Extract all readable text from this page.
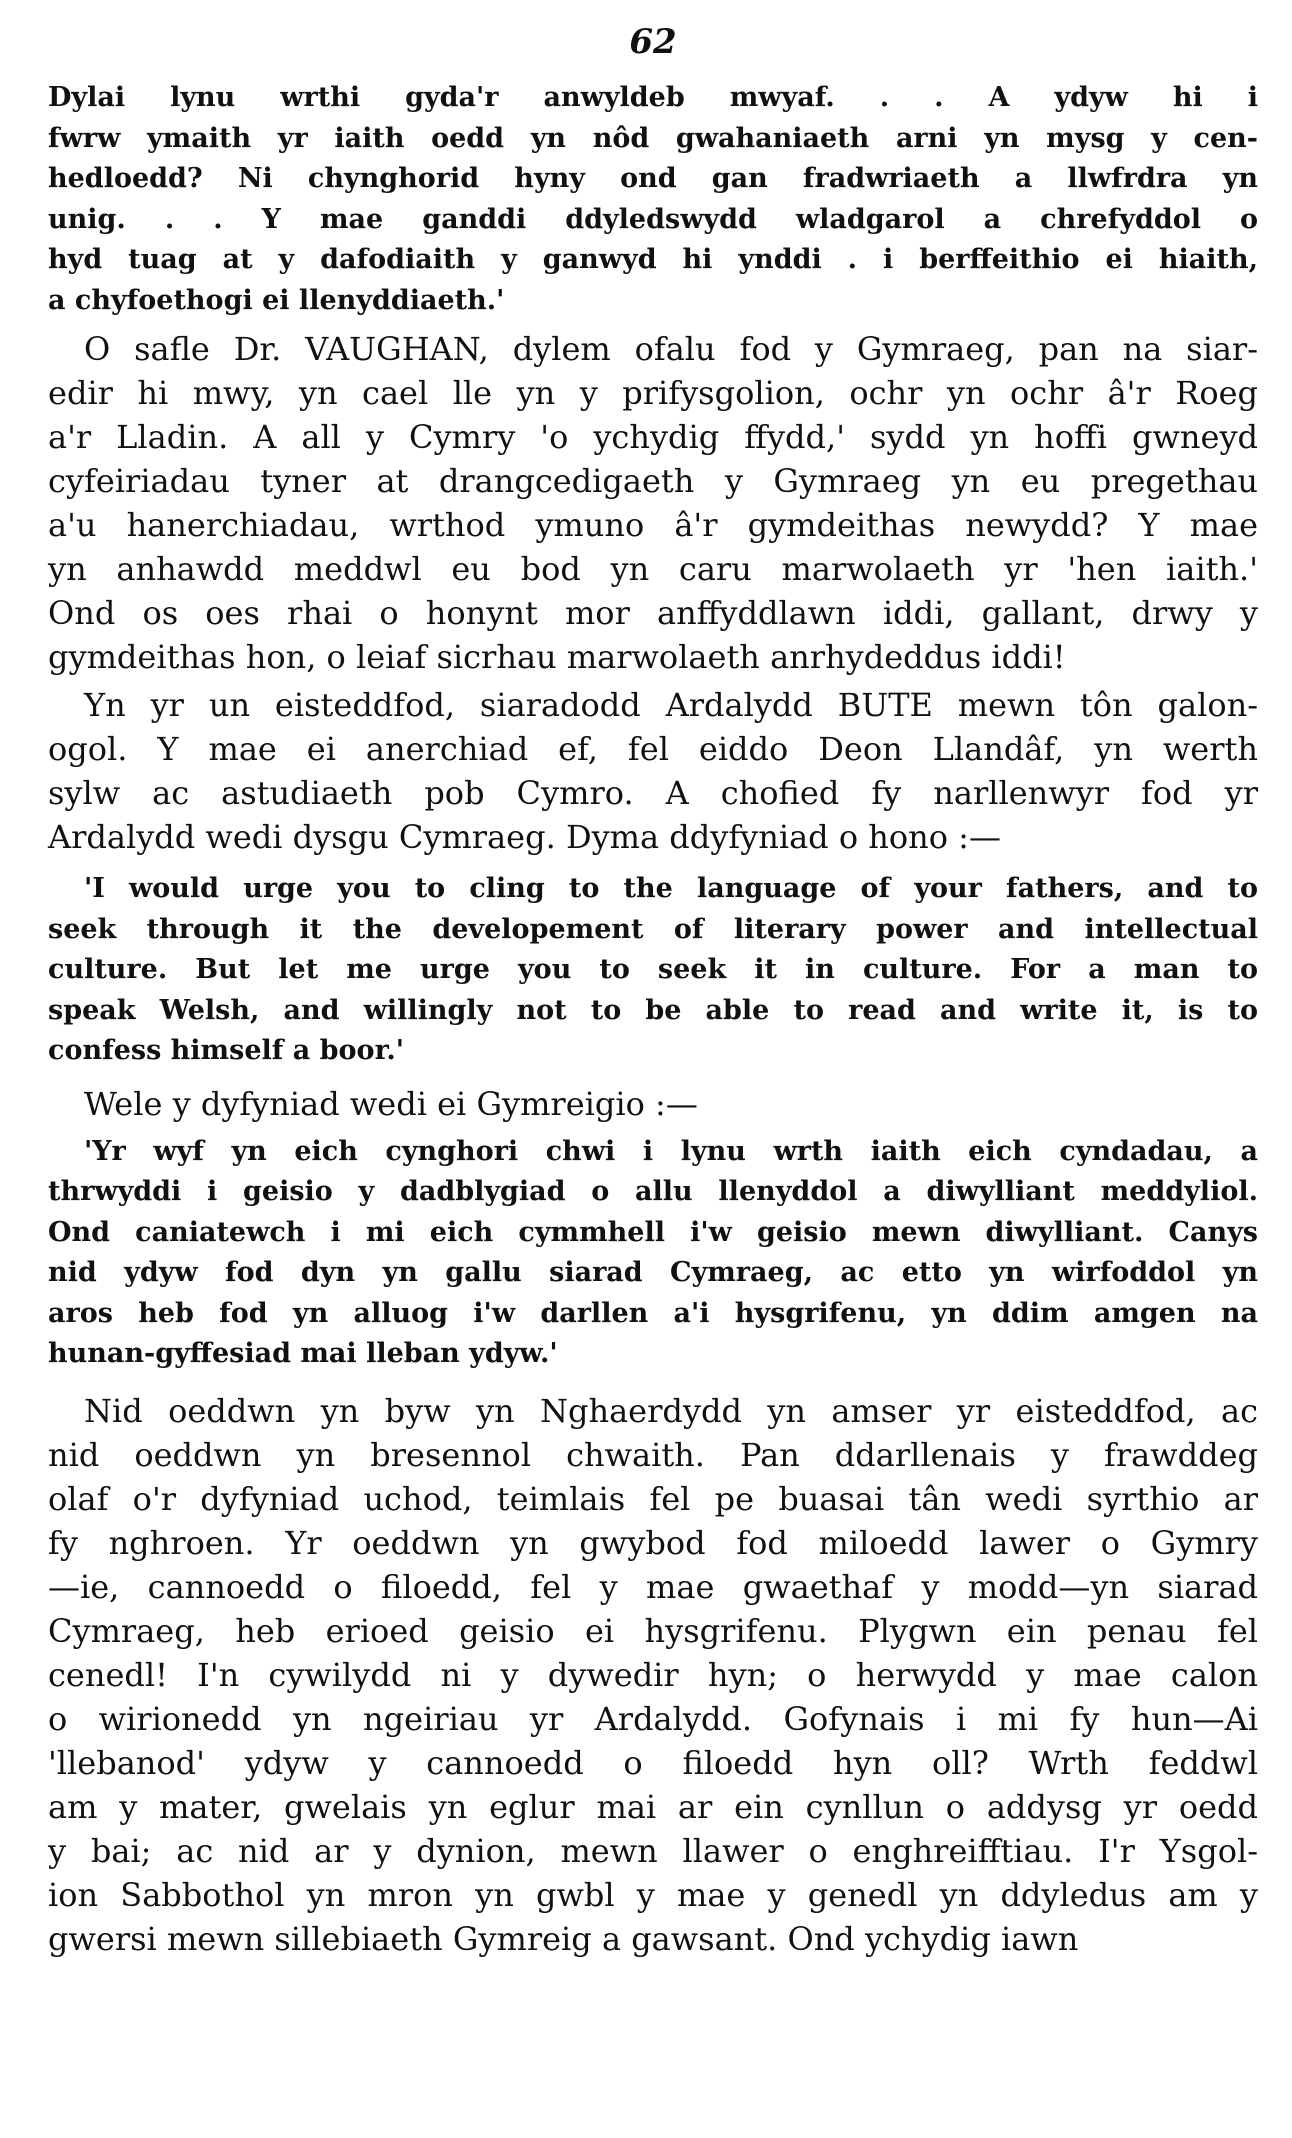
62
Dylai lynu wrthi gyda'r anwyldeb mwyaf. . . A ydyw hi i
fwrw ymaith yr iaith oedd yn nôd gwahaniaeth arni yn mysg y cen-
hedloedd? Ni chynghorid hyny ond gan fradwriaeth a llwfrdra yn
unig. . . Y mae ganddi ddyledswydd wladgarol a chrefyddol o
hyd tuag at y dafodiaith y ganwyd hi ynddi . i berffeithio ei hiaith,
a chyfoethogi ei llenyddiaeth.'
O safle Dr. VAUGHAN, dylem ofalu fod y Gymraeg, pan na siar-
edir hi mwy, yn cael lle yn y prifysgolion, ochr yn ochr â'r Roeg
a'r Lladin. A all y Cymry 'o ychydig ffydd,' sydd yn hoffi gwneyd
cyfeiriadau tyner at drangcedigaeth y Gymraeg yn eu pregethau
a'u hanerchiadau, wrthod ymuno â'r gymdeithas newydd? Y mae
yn anhawdd meddwl eu bod yn caru marwolaeth yr 'hen iaith.'
Ond os oes rhai o honynt mor anffyddlawn iddi, gallant, drwy y
gymdeithas hon, o leiaf sicrhau marwolaeth anrhydeddus iddi!
Yn yr un eisteddfod, siaradodd Ardalydd BUTE mewn tôn galon-
ogol. Y mae ei anerchiad ef, fel eiddo Deon Llandâf, yn werth
sylw ac astudiaeth pob Cymro. A chofied fy narllenwyr fod yr
Ardalydd wedi dysgu Cymraeg. Dyma ddyfyniad o hono :—
'I would urge you to cling to the language of your fathers, and to
seek through it the developement of literary power and intellectual
culture. But let me urge you to seek it in culture. For a man to
speak Welsh, and willingly not to be able to read and write it, is to
confess himself a boor.'
Wele y dyfyniad wedi ei Gymreigio :—
'Yr wyf yn eich cynghori chwi i lynu wrth iaith eich cyndadau, a
thrwyddi i geisio y dadblygiad o allu llenyddol a diwylliant meddyliol.
Ond caniatewch i mi eich cymmhell i'w geisio mewn diwylliant. Canys
nid ydyw fod dyn yn gallu siarad Cymraeg, ac etto yn wirfoddol yn
aros heb fod yn alluog i'w darllen a'i hysgrifenu, yn ddim amgen na
hunan-gyffesiad mai lleban ydyw.'
Nid oeddwn yn byw yn Nghaerdydd yn amser yr eisteddfod, ac
nid oeddwn yn bresennol chwaith. Pan ddarllenais y frawddeg
olaf o'r dyfyniad uchod, teimlais fel pe buasai tân wedi syrthio ar
fy nghroen. Yr oeddwn yn gwybod fod miloedd lawer o Gymry
—ie, cannoedd o filoedd, fel y mae gwaethaf y modd—yn siarad
Cymraeg, heb erioed geisio ei hysgrifenu. Plygwn ein penau fel
cenedl! I'n cywilydd ni y dywedir hyn; o herwydd y mae calon
o wirionedd yn ngeiriau yr Ardalydd. Gofynais i mi fy hun—Ai
'llebanod' ydyw y cannoedd o filoedd hyn oll? Wrth feddwl
am y mater, gwelais yn eglur mai ar ein cynllun o addysg yr oedd
y bai; ac nid ar y dynion, mewn llawer o enghreifftiau. I'r Ysgol-
ion Sabbothol yn mron yn gwbl y mae y genedl yn ddyledus am y
gwersi mewn sillebiaeth Gymreig a gawsant. Ond ychydig iawn
